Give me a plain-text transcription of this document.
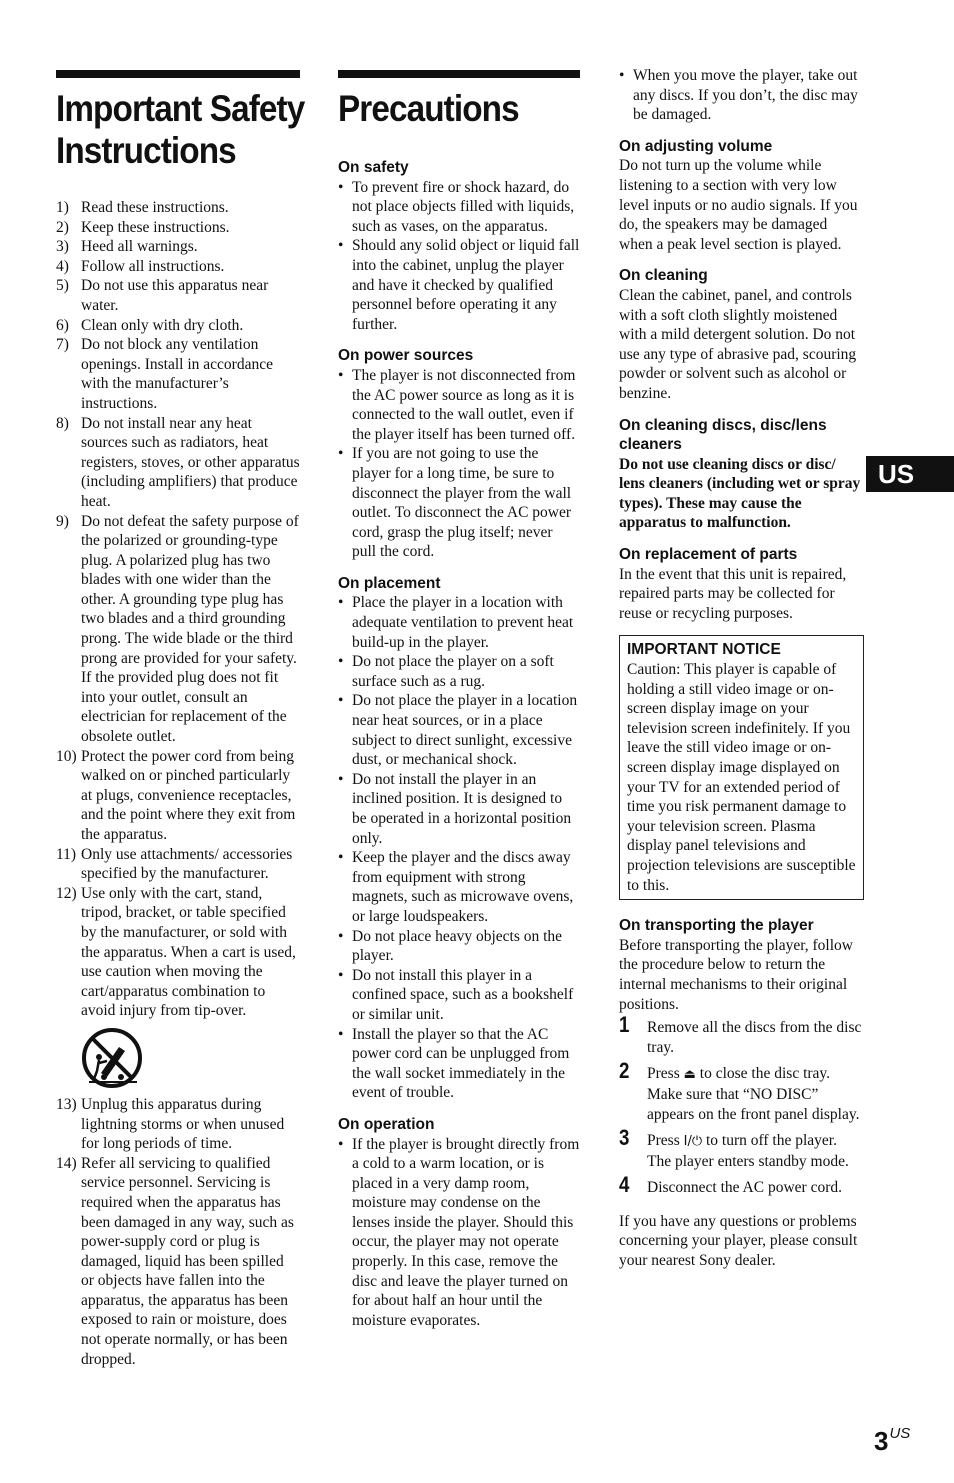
Important Safety
Instructions
1) Read these instructions.
2) Keep these instructions.
3) Heed all warnings.
4) Follow all instructions.
5) Do not use this apparatus near water.
6) Clean only with dry cloth.
7) Do not block any ventilation openings. Install in accordance with the manufacturer’s instructions.
8) Do not install near any heat sources such as radiators, heat registers, stoves, or other apparatus (including amplifiers) that produce heat.
9) Do not defeat the safety purpose of the polarized or grounding-type plug. A polarized plug has two blades with one wider than the other. A grounding type plug has two blades and a third grounding prong. The wide blade or the third prong are provided for your safety. If the provided plug does not fit into your outlet, consult an electrician for replacement of the obsolete outlet.
10) Protect the power cord from being walked on or pinched particularly at plugs, convenience receptacles, and the point where they exit from the apparatus.
11) Only use attachments/ accessories specified by the manufacturer.
12) Use only with the cart, stand, tripod, bracket, or table specified by the manufacturer, or sold with the apparatus. When a cart is used, use caution when moving the cart/apparatus combination to avoid injury from tip-over.
13) Unplug this apparatus during lightning storms or when unused for long periods of time.
14) Refer all servicing to qualified service personnel. Servicing is required when the apparatus has been damaged in any way, such as power-supply cord or plug is damaged, liquid has been spilled or objects have fallen into the apparatus, the apparatus has been exposed to rain or moisture, does not operate normally, or has been dropped.
Precautions
On safety
• To prevent fire or shock hazard, do not place objects filled with liquids, such as vases, on the apparatus.
• Should any solid object or liquid fall into the cabinet, unplug the player and have it checked by qualified personnel before operating it any further.
On power sources
• The player is not disconnected from the AC power source as long as it is connected to the wall outlet, even if the player itself has been turned off.
• If you are not going to use the player for a long time, be sure to disconnect the player from the wall outlet. To disconnect the AC power cord, grasp the plug itself; never pull the cord.
On placement
• Place the player in a location with adequate ventilation to prevent heat build-up in the player.
• Do not place the player on a soft surface such as a rug.
• Do not place the player in a location near heat sources, or in a place subject to direct sunlight, excessive dust, or mechanical shock.
• Do not install the player in an inclined position. It is designed to be operated in a horizontal position only.
• Keep the player and the discs away from equipment with strong magnets, such as microwave ovens, or large loudspeakers.
• Do not place heavy objects on the player.
• Do not install this player in a confined space, such as a bookshelf or similar unit.
• Install the player so that the AC power cord can be unplugged from the wall socket immediately in the event of trouble.
On operation
• If the player is brought directly from a cold to a warm location, or is placed in a very damp room, moisture may condense on the lenses inside the player. Should this occur, the player may not operate properly. In this case, remove the disc and leave the player turned on for about half an hour until the moisture evaporates.
• When you move the player, take out any discs. If you don’t, the disc may be damaged.
On adjusting volume

Do not turn up the volume while listening to a section with very low level inputs or no audio signals. If you do, the speakers may be damaged when a peak level section is played.

On cleaning

Clean the cabinet, panel, and controls with a soft cloth slightly moistened with a mild detergent solution. Do not use any type of abrasive pad, scouring powder or solvent such as alcohol or benzine.

On cleaning discs, disc/lens cleaners

Do not use cleaning discs or disc/ lens cleaners (including wet or spray types). These may cause the apparatus to malfunction.

On replacement of parts

In the event that this unit is repaired, repaired parts may be collected for reuse or recycling purposes.

IMPORTANT NOTICE

Caution: This player is capable of holding a still video image or on-screen display image on your television screen indefinitely. If you leave the still video image or on-screen display image displayed on your TV for an extended period of time you risk permanent damage to your television screen. Plasma display panel televisions and projection televisions are susceptible to this.

On transporting the player

Before transporting the player, follow the procedure below to return the internal mechanisms to their original positions.

1 Remove all the discs from the disc tray.
2 Press ⏏ to close the disc tray. Make sure that “NO DISC” appears on the front panel display.
3 Press I/⏻ to turn off the player. The player enters standby mode.
4 Disconnect the AC power cord.

If you have any questions or problems concerning your player, please consult your nearest Sony dealer.

US
3US
